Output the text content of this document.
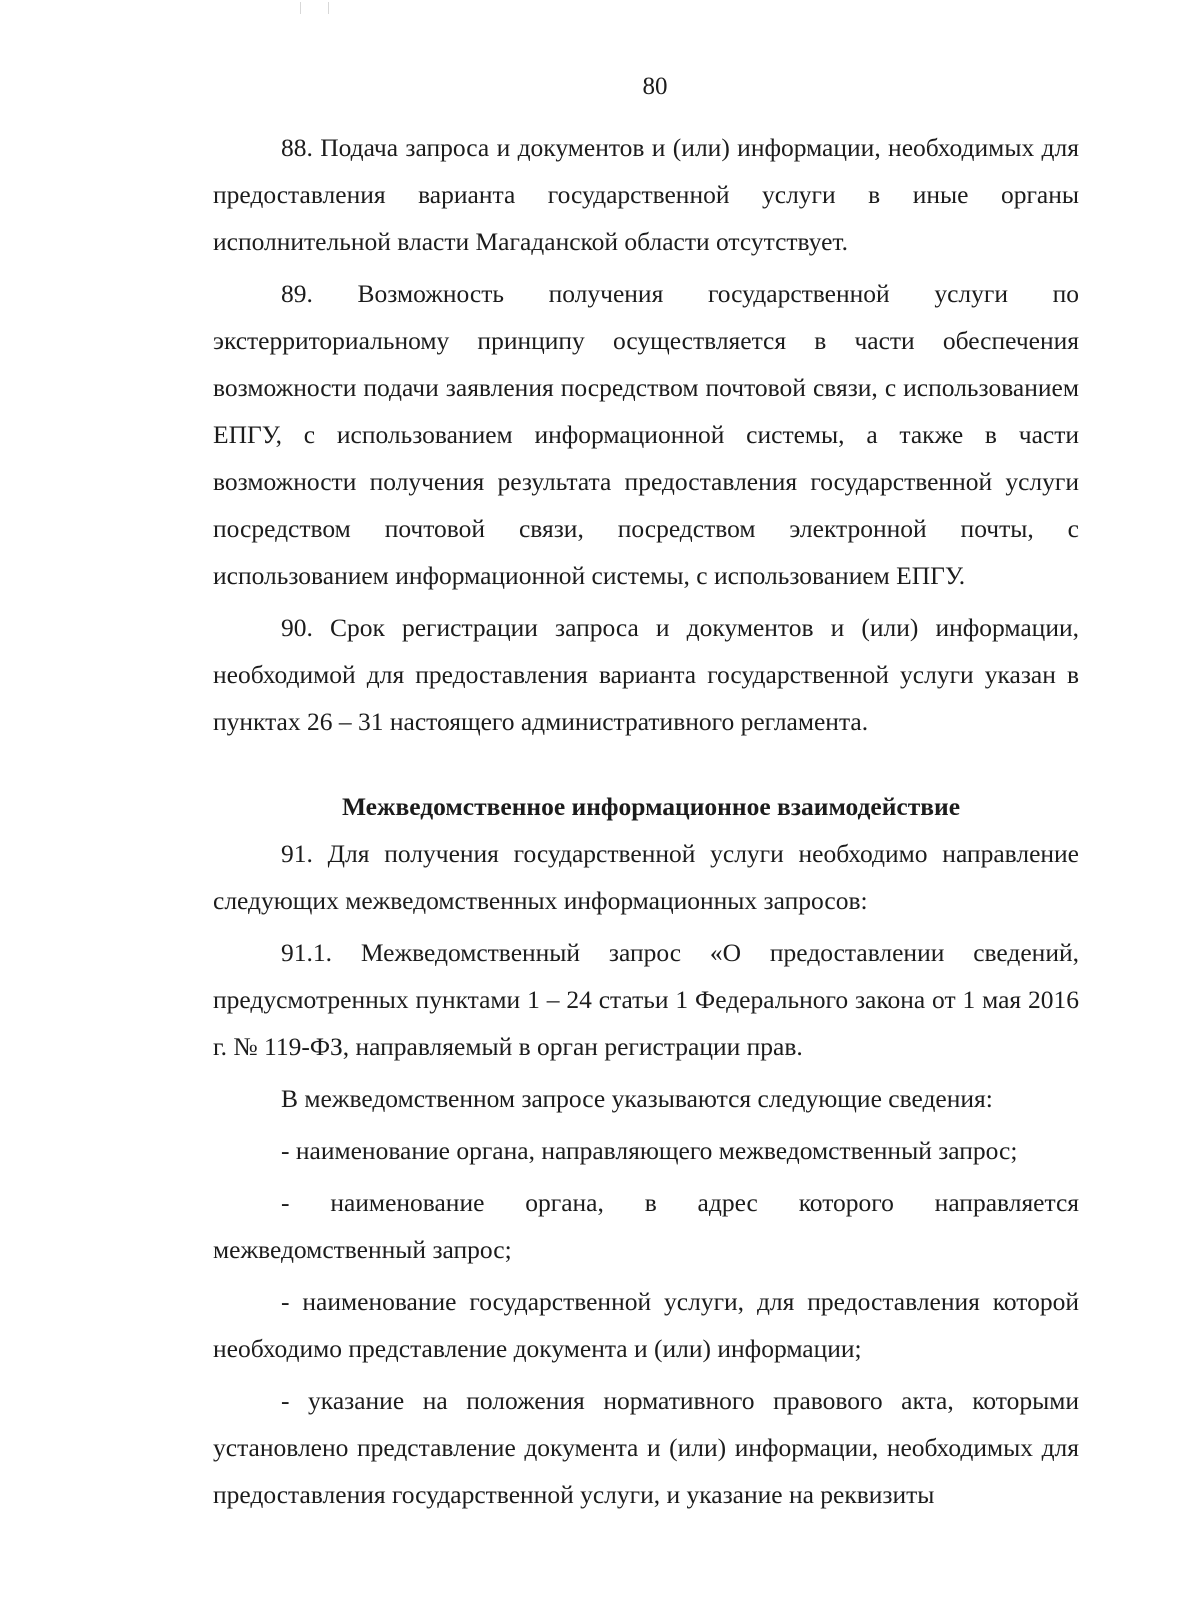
80

88. Подача запроса и документов и (или) информации, необходимых для предоставления варианта государственной услуги в иные органы исполнительной власти Магаданской области отсутствует.

89. Возможность получения государственной услуги по экстерриториальному принципу осуществляется в части обеспечения возможности подачи заявления посредством почтовой связи, с использованием ЕПГУ, с использованием информационной системы, а также в части возможности получения результата предоставления государственной услуги посредством почтовой связи, посредством электронной почты, с использованием информационной системы, с использованием ЕПГУ.

90. Срок регистрации запроса и документов и (или) информации, необходимой для предоставления варианта государственной услуги указан в пунктах 26 – 31 настоящего административного регламента.

Межведомственное информационное взаимодействие

91. Для получения государственной услуги необходимо направление следующих межведомственных информационных запросов:

91.1. Межведомственный запрос «О предоставлении сведений, предусмотренных пунктами 1 – 24 статьи 1 Федерального закона от 1 мая 2016 г. № 119-ФЗ, направляемый в орган регистрации прав.

В межведомственном запросе указываются следующие сведения:

- наименование органа, направляющего межведомственный запрос;

- наименование органа, в адрес которого направляется межведомственный запрос;

- наименование государственной услуги, для предоставления которой необходимо представление документа и (или) информации;

- указание на положения нормативного правового акта, которыми установлено представление документа и (или) информации, необходимых для предоставления государственной услуги, и указание на реквизиты
